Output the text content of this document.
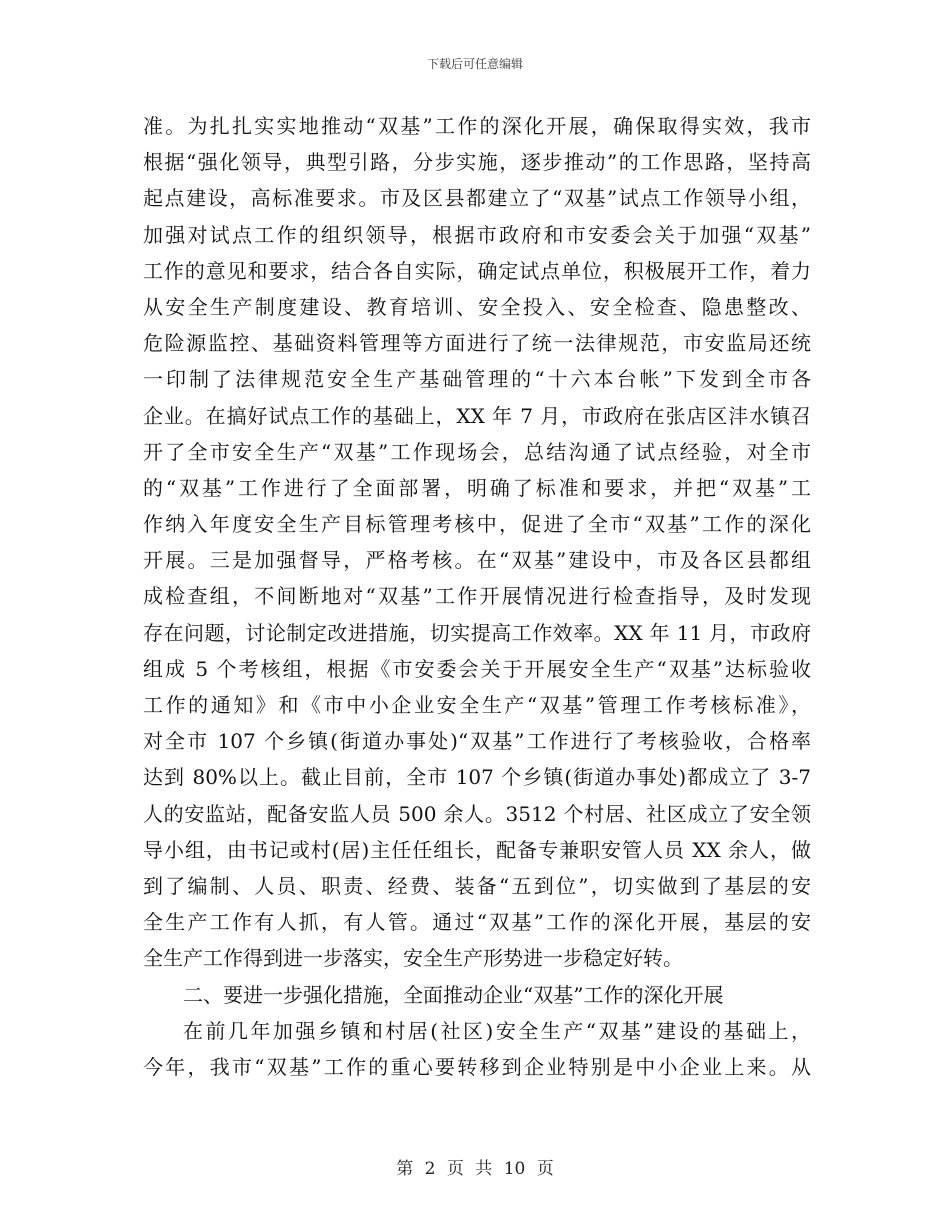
下载后可任意编辑
准。为扎扎实实地推动“双基”工作的深化开展，确保取得实效，我市
根据“强化领导，典型引路，分步实施，逐步推动”的工作思路，坚持高
起点建设，高标准要求。市及区县都建立了“双基”试点工作领导小组，
加强对试点工作的组织领导，根据市政府和市安委会关于加强“双基”
工作的意见和要求，结合各自实际，确定试点单位，积极展开工作，着力
从安全生产制度建设、教育培训、安全投入、安全检查、隐患整改、
危险源监控、基础资料管理等方面进行了统一法律规范，市安监局还统
一印制了法律规范安全生产基础管理的“十六本台帐”下发到全市各
企业。在搞好试点工作的基础上，XX 年 7 月，市政府在张店区沣水镇召
开了全市安全生产“双基”工作现场会，总结沟通了试点经验，对全市
的“双基”工作进行了全面部署，明确了标准和要求，并把“双基”工
作纳入年度安全生产目标管理考核中，促进了全市“双基”工作的深化
开展。三是加强督导，严格考核。在“双基”建设中，市及各区县都组
成检查组，不间断地对“双基”工作开展情况进行检查指导，及时发现
存在问题，讨论制定改进措施，切实提高工作效率。XX 年 11 月，市政府
组成 5 个考核组，根据《市安委会关于开展安全生产“双基”达标验收
工作的通知》和《市中小企业安全生产“双基”管理工作考核标准》，
对全市 107 个乡镇(街道办事处)“双基”工作进行了考核验收，合格率
达到 80%以上。截止目前，全市 107 个乡镇(街道办事处)都成立了 3-7
人的安监站，配备安监人员 500 余人。3512 个村居、社区成立了安全领
导小组，由书记或村(居)主任任组长，配备专兼职安管人员 XX 余人，做
到了编制、人员、职责、经费、装备“五到位”，切实做到了基层的安
全生产工作有人抓，有人管。通过“双基”工作的深化开展，基层的安
全生产工作得到进一步落实，安全生产形势进一步稳定好转。
二、要进一步强化措施，全面推动企业“双基”工作的深化开展
在前几年加强乡镇和村居(社区)安全生产“双基”建设的基础上，
今年，我市“双基”工作的重心要转移到企业特别是中小企业上来。从
第 2 页 共 10 页
